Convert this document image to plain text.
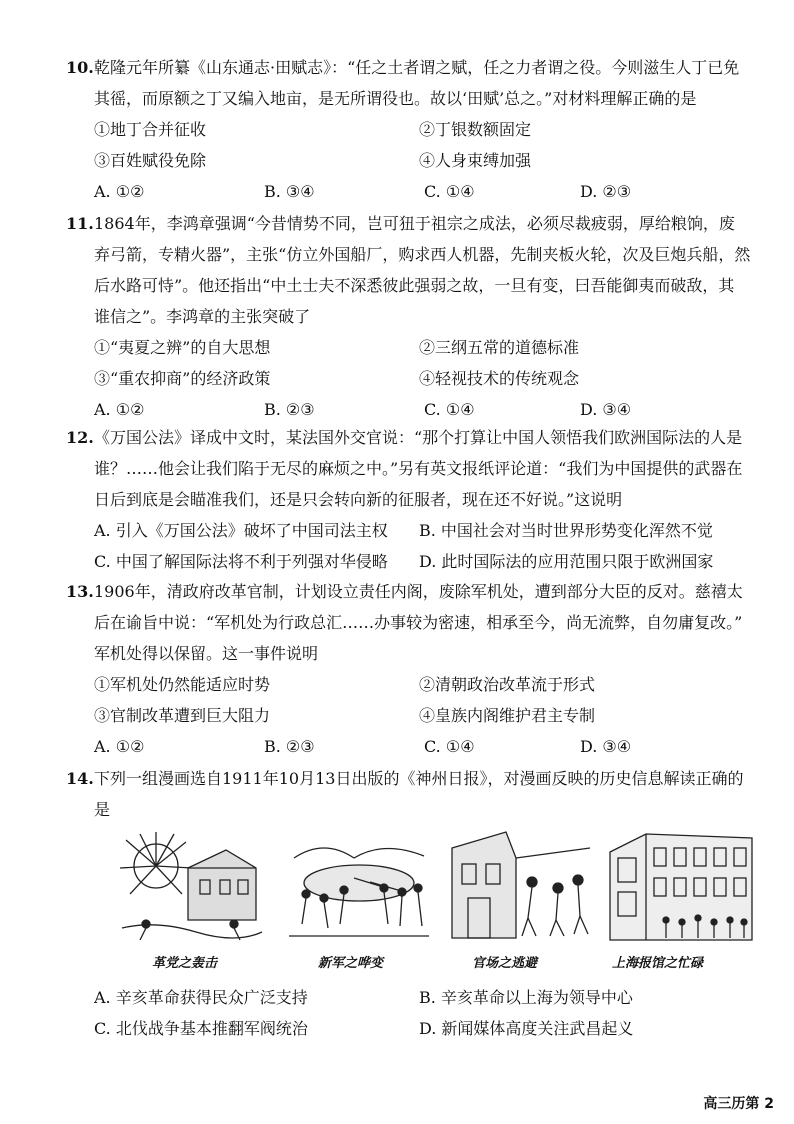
10.乾隆元年所纂《山东通志·田赋志》：“任之土者谓之赋，任之力者谓之役。今则滋生人丁已免
其徭，而原额之丁又编入地亩，是无所谓役也。故以‘田赋’总之。”对材料理解正确的是
①地丁合并征收	②丁银数额固定
③百姓赋役免除	④人身束缚加强
A. ①②	B. ③④	C. ①④	D. ②③
11.1864年，李鸿章强调“今昔情势不同，岂可狃于祖宗之成法，必须尽裁疲弱，厚给粮饷，废
弃弓箭，专精火器”，主张“仿立外国船厂，购求西人机器，先制夹板火轮，次及巨炮兵船，然
后水路可恃”。他还指出“中土士夫不深悉彼此强弱之故，一旦有变，曰吾能御夷而破敌，其
谁信之”。李鸿章的主张突破了
①“夷夏之辨”的自大思想	②三纲五常的道德标准
③“重农抑商”的经济政策	④轻视技术的传统观念
A. ①②	B. ②③	C. ①④	D. ③④
12.《万国公法》译成中文时，某法国外交官说：“那个打算让中国人领悟我们欧洲国际法的人是
谁？……他会让我们陷于无尽的麻烦之中。”另有英文报纸评论道：“我们为中国提供的武器在
日后到底是会瞄准我们，还是只会转向新的征服者，现在还不好说。”这说明
A. 引入《万国公法》破坏了中国司法主权 B. 中国社会对当时世界形势变化浑然不觉
C. 中国了解国际法将不利于列强对华侵略 D. 此时国际法的应用范围只限于欧洲国家
13.1906年，清政府改革官制，计划设立责任内阁，废除军机处，遭到部分大臣的反对。慈禧太
后在谕旨中说：“军机处为行政总汇……办事较为密速，相承至今，尚无流弊，自勿庸复改。”
军机处得以保留。这一事件说明
①军机处仍然能适应时势	②清朝政治改革流于形式
③官制改革遭到巨大阻力	④皇族内阁维护君主专制
A. ①②	B. ②③	C. ①④	D. ③④
14.下列一组漫画选自1911年10月13日出版的《神州日报》，对漫画反映的历史信息解读正确的
是
革党之轰击	新军之哗变	官场之逃避	上海报馆之忙碌
A. 辛亥革命获得民众广泛支持	B. 辛亥革命以上海为领导中心
C. 北伐战争基本推翻军阀统治	D. 新闻媒体高度关注武昌起义
高三历第 2
